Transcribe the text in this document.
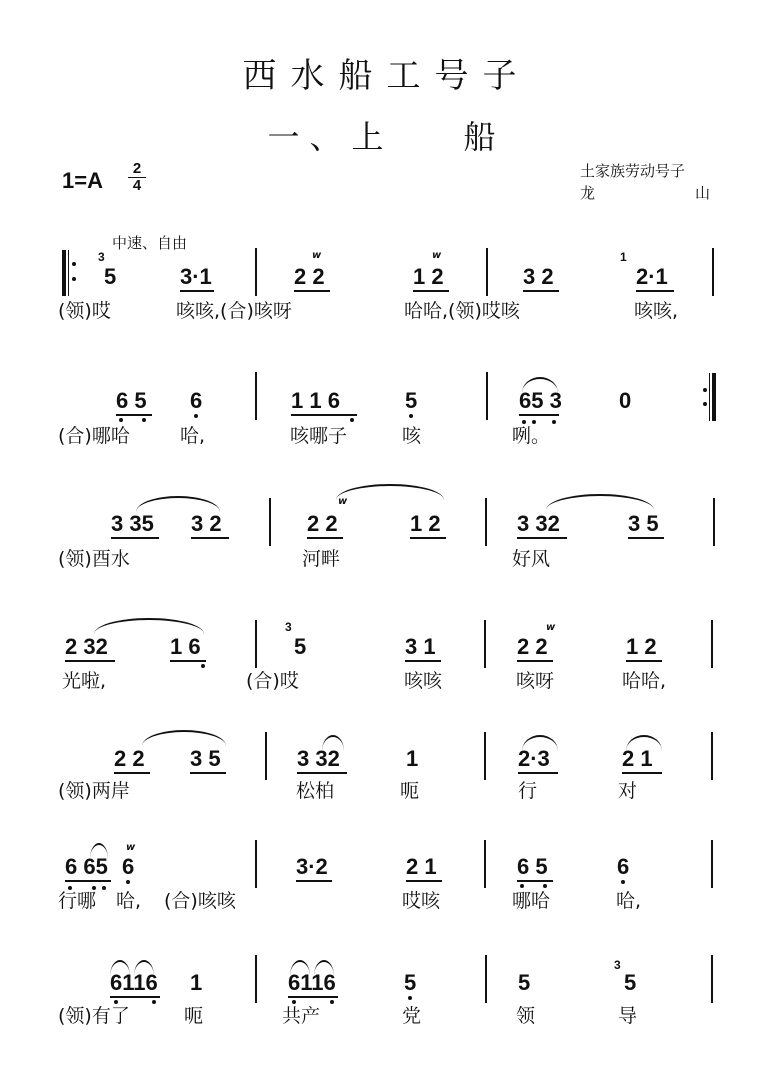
西水船工号子
一、上 船
1=A	2
4
土家族劳动号子
龙	山
中速、自由
3
5	3·1
w
2 2
w
1 2	3 2
1
2·1
(领)哎	咳咳,(合)咳呀	哈哈,(领)哎咳	咳咳,
6 5 6	1 1 6	5	65 3	0
(合)哪哈	哈,	咳哪子	咳	咧。
3 35 3 2
w
2 2	1 2	3 32	3 5
(领)酉水	河畔	好风
2 32	1 6
3
5	3 1
w
2 2	1 2
光啦,	(合)哎	咳咳	咳呀	哈哈,
2 2 3 5	3 32	1	2·3	2 1
(领)两岸	松柏	呃	行	对
6 65
w
6	3·2	2 1	6 5	6
行哪 哈, (合)咳咳	哎咳	哪哈	哈,
6116 1	6116	5	5
3
5
(领)有了	呃	共产	党	领	导
